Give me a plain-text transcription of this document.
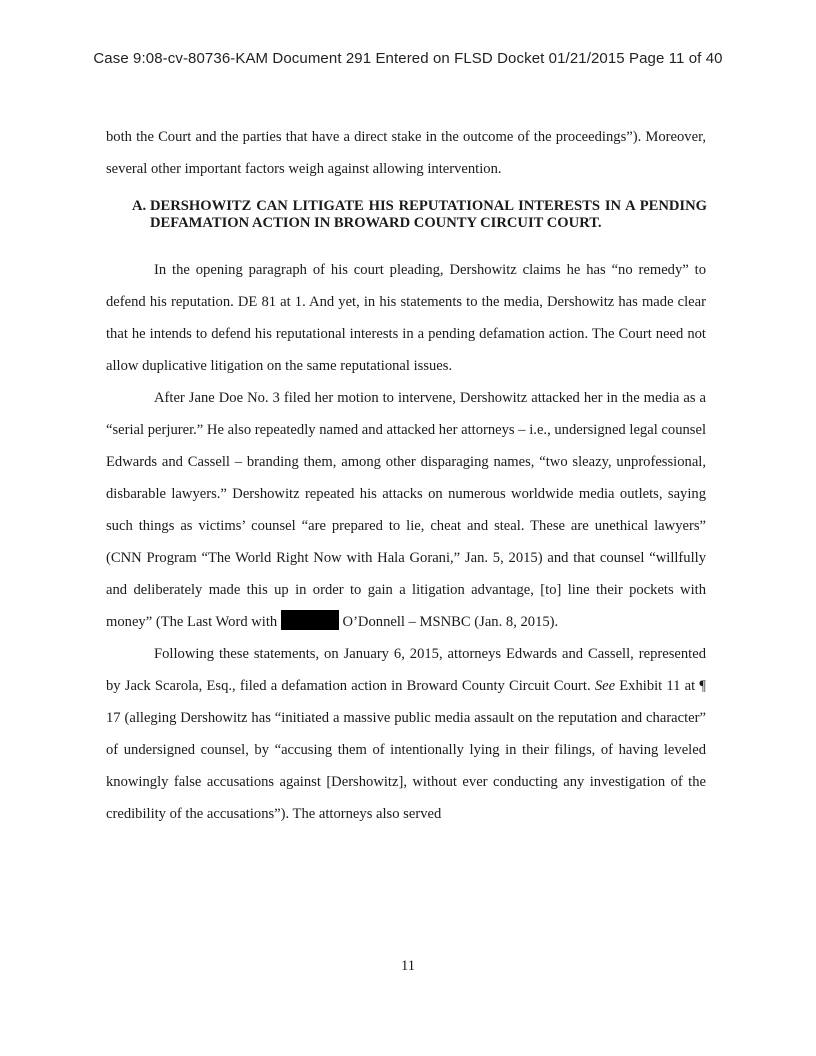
Case 9:08-cv-80736-KAM Document 291 Entered on FLSD Docket 01/21/2015 Page 11 of 40

both the Court and the parties that have a direct stake in the outcome of the proceedings”). Moreover, several other important factors weigh against allowing intervention.

A. DERSHOWITZ CAN LITIGATE HIS REPUTATIONAL INTERESTS IN A PENDING DEFAMATION ACTION IN BROWARD COUNTY CIRCUIT COURT.

In the opening paragraph of his court pleading, Dershowitz claims he has “no remedy” to defend his reputation. DE 81 at 1. And yet, in his statements to the media, Dershowitz has made clear that he intends to defend his reputational interests in a pending defamation action. The Court need not allow duplicative litigation on the same reputational issues.

After Jane Doe No. 3 filed her motion to intervene, Dershowitz attacked her in the media as a “serial perjurer.” He also repeatedly named and attacked her attorneys – i.e., undersigned legal counsel Edwards and Cassell – branding them, among other disparaging names, “two sleazy, unprofessional, disbarable lawyers.” Dershowitz repeated his attacks on numerous worldwide media outlets, saying such things as victims’ counsel “are prepared to lie, cheat and steal. These are unethical lawyers” (CNN Program “The World Right Now with Hala Gorani,” Jan. 5, 2015) and that counsel “willfully and deliberately made this up in order to gain a litigation advantage, [to] line their pockets with money” (The Last Word with	O’Donnell – MSNBC (Jan. 8, 2015).

Following these statements, on January 6, 2015, attorneys Edwards and Cassell, represented by Jack Scarola, Esq., filed a defamation action in Broward County Circuit Court. See Exhibit 11 at ¶ 17 (alleging Dershowitz has “initiated a massive public media assault on the reputation and character” of undersigned counsel, by “accusing them of intentionally lying in their filings, of having leveled knowingly false accusations against [Dershowitz], without ever conducting any investigation of the credibility of the accusations”). The attorneys also served

11
